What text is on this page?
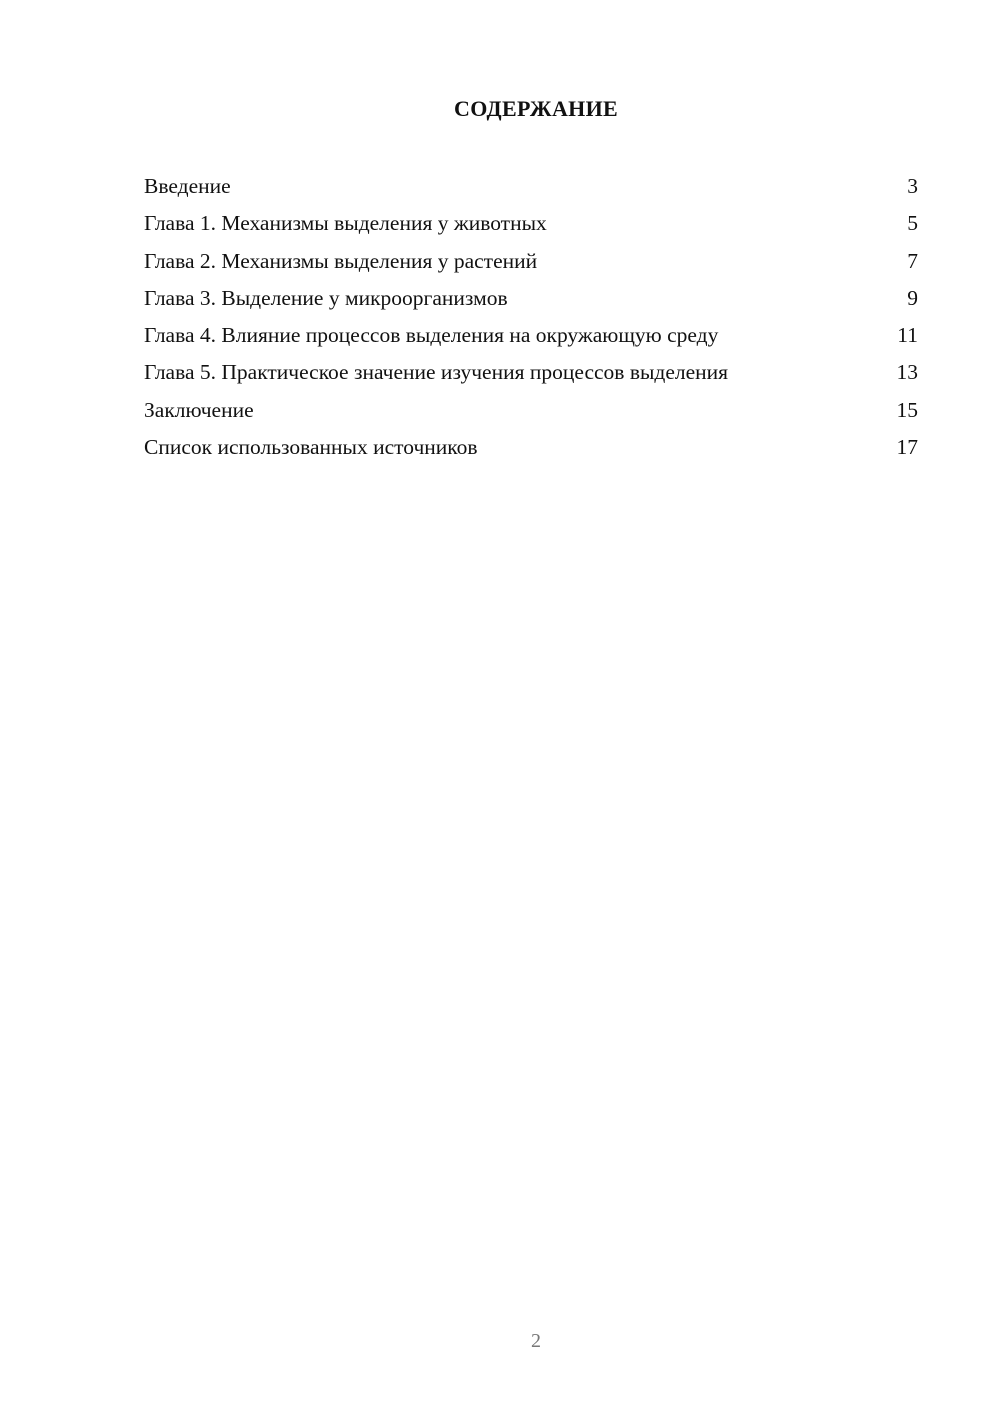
СОДЕРЖАНИЕ
Введение	3
Глава 1. Механизмы выделения у животных	5
Глава 2. Механизмы выделения у растений	7
Глава 3. Выделение у микроорганизмов	9
Глава 4. Влияние процессов выделения на окружающую среду	11
Глава 5. Практическое значение изучения процессов выделения	13
Заключение	15
Список использованных источников	17
2
